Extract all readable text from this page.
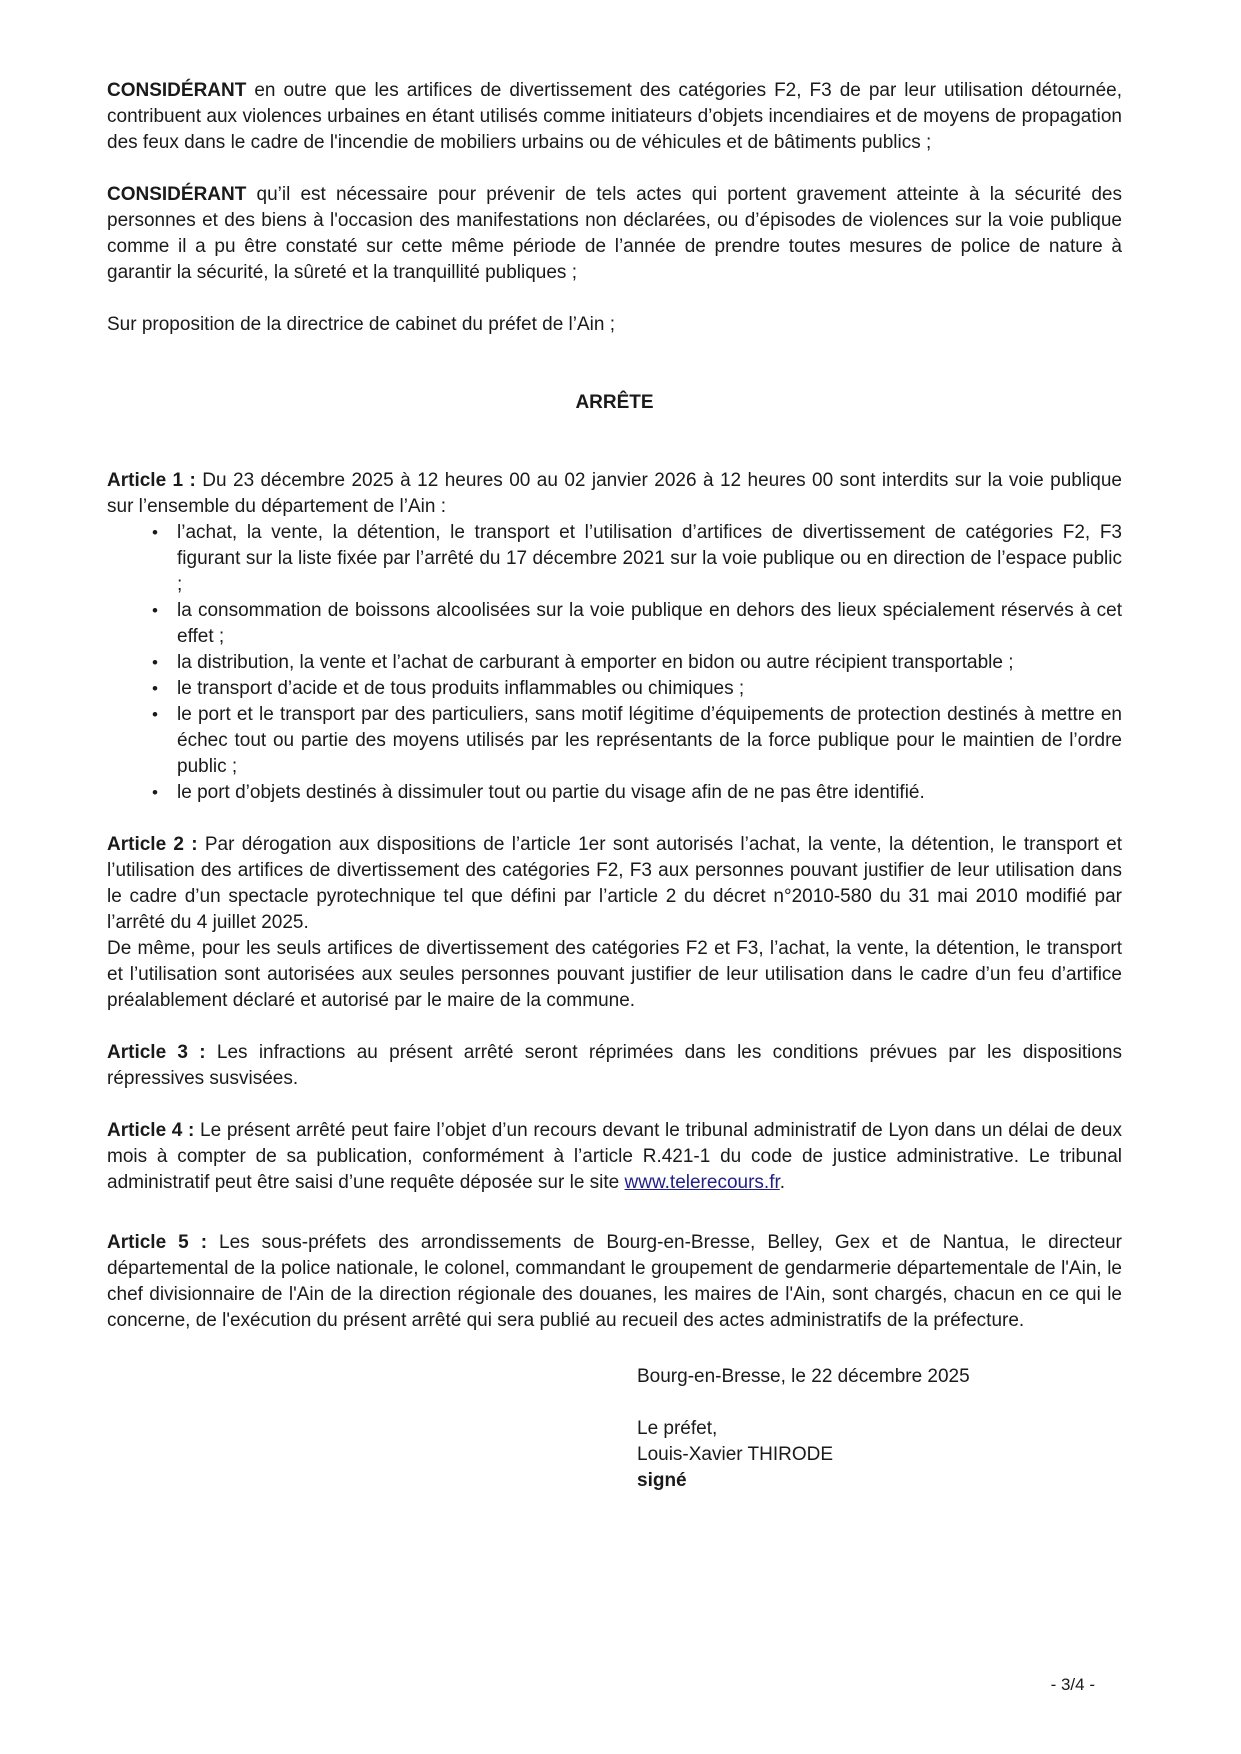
CONSIDÉRANT en outre que les artifices de divertissement des catégories F2, F3 de par leur utilisation détournée, contribuent aux violences urbaines en étant utilisés comme initiateurs d’objets incendiaires et de moyens de propagation des feux dans le cadre de l'incendie de mobiliers urbains ou de véhicules et de bâtiments publics ;

CONSIDÉRANT qu’il est nécessaire pour prévenir de tels actes qui portent gravement atteinte à la sécurité des personnes et des biens à l'occasion des manifestations non déclarées, ou d’épisodes de violences sur la voie publique comme il a pu être constaté sur cette même période de l’année de prendre toutes mesures de police de nature à garantir la sécurité, la sûreté et la tranquillité publiques ;

Sur proposition de la directrice de cabinet du préfet de l’Ain ;

ARRÊTE

Article 1 : Du 23 décembre 2025 à 12 heures 00 au 02 janvier 2026 à 12 heures 00 sont interdits sur la voie publique sur l’ensemble du département de l’Ain :

• l’achat, la vente, la détention, le transport et l’utilisation d’artifices de divertissement de catégories F2, F3 figurant sur la liste fixée par l’arrêté du 17 décembre 2021 sur la voie publique ou en direction de l’espace public ;
• la consommation de boissons alcoolisées sur la voie publique en dehors des lieux spécialement réservés à cet effet ;
• la distribution, la vente et l’achat de carburant à emporter en bidon ou autre récipient transportable ;
• le transport d’acide et de tous produits inflammables ou chimiques ;
• le port et le transport par des particuliers, sans motif légitime d’équipements de protection destinés à mettre en échec tout ou partie des moyens utilisés par les représentants de la force publique pour le maintien de l’ordre public ;
• le port d’objets destinés à dissimuler tout ou partie du visage afin de ne pas être identifié.

Article 2 : Par dérogation aux dispositions de l’article 1er sont autorisés l’achat, la vente, la détention, le transport et l’utilisation des artifices de divertissement des catégories F2, F3 aux personnes pouvant justifier de leur utilisation dans le cadre d’un spectacle pyrotechnique tel que défini par l’article 2 du décret n°2010-580 du 31 mai 2010 modifié par l’arrêté du 4 juillet 2025.

De même, pour les seuls artifices de divertissement des catégories F2 et F3, l’achat, la vente, la détention, le transport et l’utilisation sont autorisées aux seules personnes pouvant justifier de leur utilisation dans le cadre d’un feu d’artifice préalablement déclaré et autorisé par le maire de la commune.

Article 3 : Les infractions au présent arrêté seront réprimées dans les conditions prévues par les dispositions répressives susvisées.

Article 4 : Le présent arrêté peut faire l’objet d’un recours devant le tribunal administratif de Lyon dans un délai de deux mois à compter de sa publication, conformément à l’article R.421-1 du code de justice administrative. Le tribunal administratif peut être saisi d’une requête déposée sur le site www.telerecours.fr.

Article 5 : Les sous-préfets des arrondissements de Bourg-en-Bresse, Belley, Gex et de Nantua, le directeur départemental de la police nationale, le colonel, commandant le groupement de gendarmerie départementale de l'Ain, le chef divisionnaire de l'Ain de la direction régionale des douanes, les maires de l'Ain, sont chargés, chacun en ce qui le concerne, de l'exécution du présent arrêté qui sera publié au recueil des actes administratifs de la préfecture.

Bourg-en-Bresse, le 22 décembre 2025

Le préfet,

Louis-Xavier THIRODE

signé

- 3/4 -
